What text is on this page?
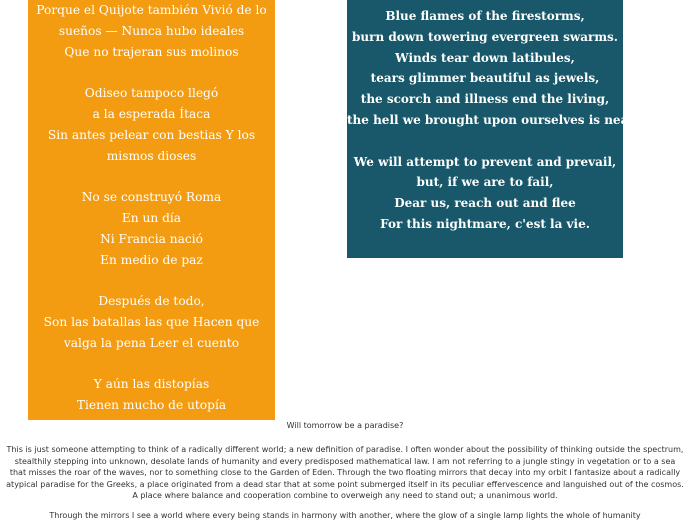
Porque el Quijote también Vivió de lo sueños — Nunca hubo ideales
Que no trajeran sus molinos
Odiseo tampoco llegó
a la esperada Ítaca
Sin antes pelear con bestias Y los mismos dioses
No se construyó Roma
En un día
Ni Francia nació
En medio de paz
Después de todo,
Son las batallas las que Hacen que
valga la pena Leer el cuento
Y aún las distopías
Tienen mucho de utopía
Blue flames of the firestorms,
burn down towering evergreen swarms.
Winds tear down latibules,
tears glimmer beautiful as jewels,
the scorch and illness end the living,
the hell we brought upon ourselves is nearing.
We will attempt to prevent and prevail,
but, if we are to fail,
Dear us, reach out and flee
For this nightmare, c'est la vie.
Will tomorrow be a paradise?

This is just someone attempting to think of a radically different world; a new definition of paradise. I often wonder about the possibility of thinking outside the spectrum, stealthily stepping into unknown, desolate lands of humanity and every predisposed mathematical law. I am not referring to a jungle stingy in vegetation or to a sea that misses the roar of the waves, nor to something close to the Garden of Eden. Through the two floating mirrors that decay into my orbit I fantasize about a radically atypical paradise for the Greeks, a place originated from a dead star that at some point submerged itself in its peculiar effervescence and languished out of the cosmos. A place where balance and cooperation combine to overweigh any need to stand out; a unanimous world.

Through the mirrors I see a world where every being stands in harmony with another, where the glow of a single lamp lights the whole of humanity
